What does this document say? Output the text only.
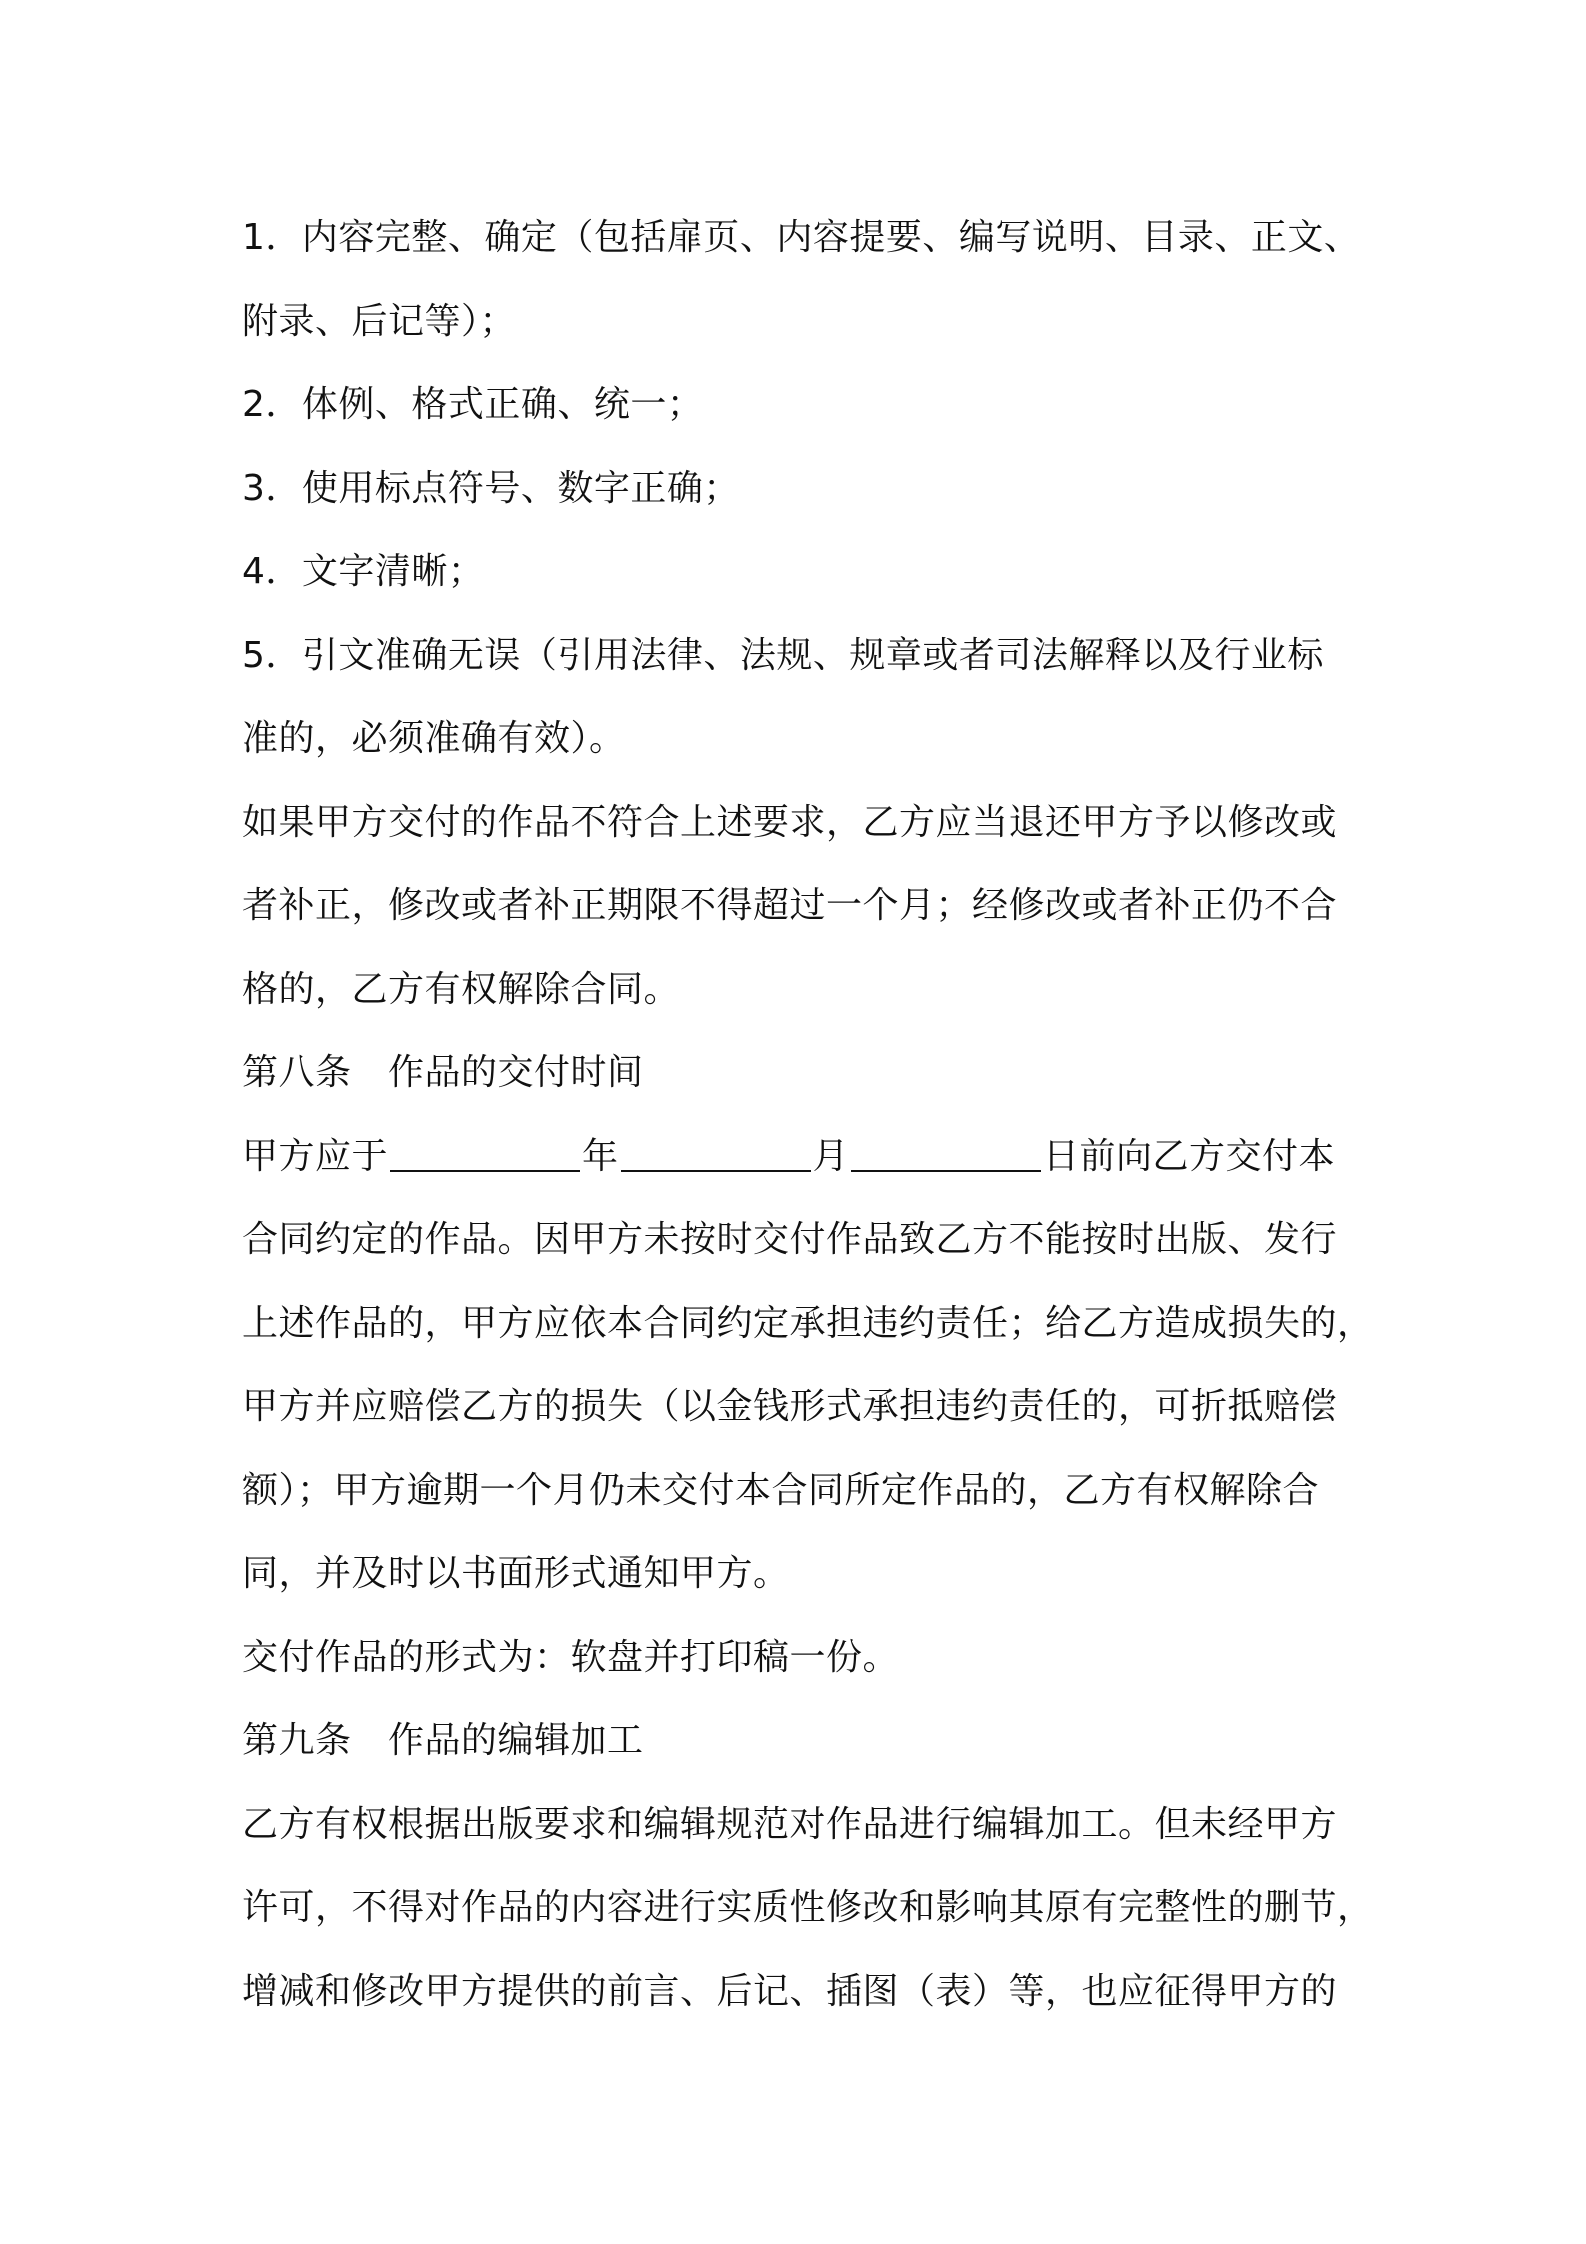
1．内容完整、确定（包括扉页、内容提要、编写说明、目录、正文、
附录、后记等）；
2．体例、格式正确、统一；
3．使用标点符号、数字正确；
4．文字清晰；
5．引文准确无误（引用法律、法规、规章或者司法解释以及行业标
准的，必须准确有效）。
如果甲方交付的作品不符合上述要求，乙方应当退还甲方予以修改或
者补正，修改或者补正期限不得超过一个月；经修改或者补正仍不合
格的，乙方有权解除合同。
第八条　作品的交付时间
甲方应于	年	月	日前向乙方交付本
合同约定的作品。因甲方未按时交付作品致乙方不能按时出版、发行
上述作品的，甲方应依本合同约定承担违约责任；给乙方造成损失的，
甲方并应赔偿乙方的损失（以金钱形式承担违约责任的，可折抵赔偿
额）；甲方逾期一个月仍未交付本合同所定作品的，乙方有权解除合
同，并及时以书面形式通知甲方。
交付作品的形式为：软盘并打印稿一份。
第九条　作品的编辑加工
乙方有权根据出版要求和编辑规范对作品进行编辑加工。但未经甲方
许可，不得对作品的内容进行实质性修改和影响其原有完整性的删节，
增减和修改甲方提供的前言、后记、插图（表）等，也应征得甲方的
